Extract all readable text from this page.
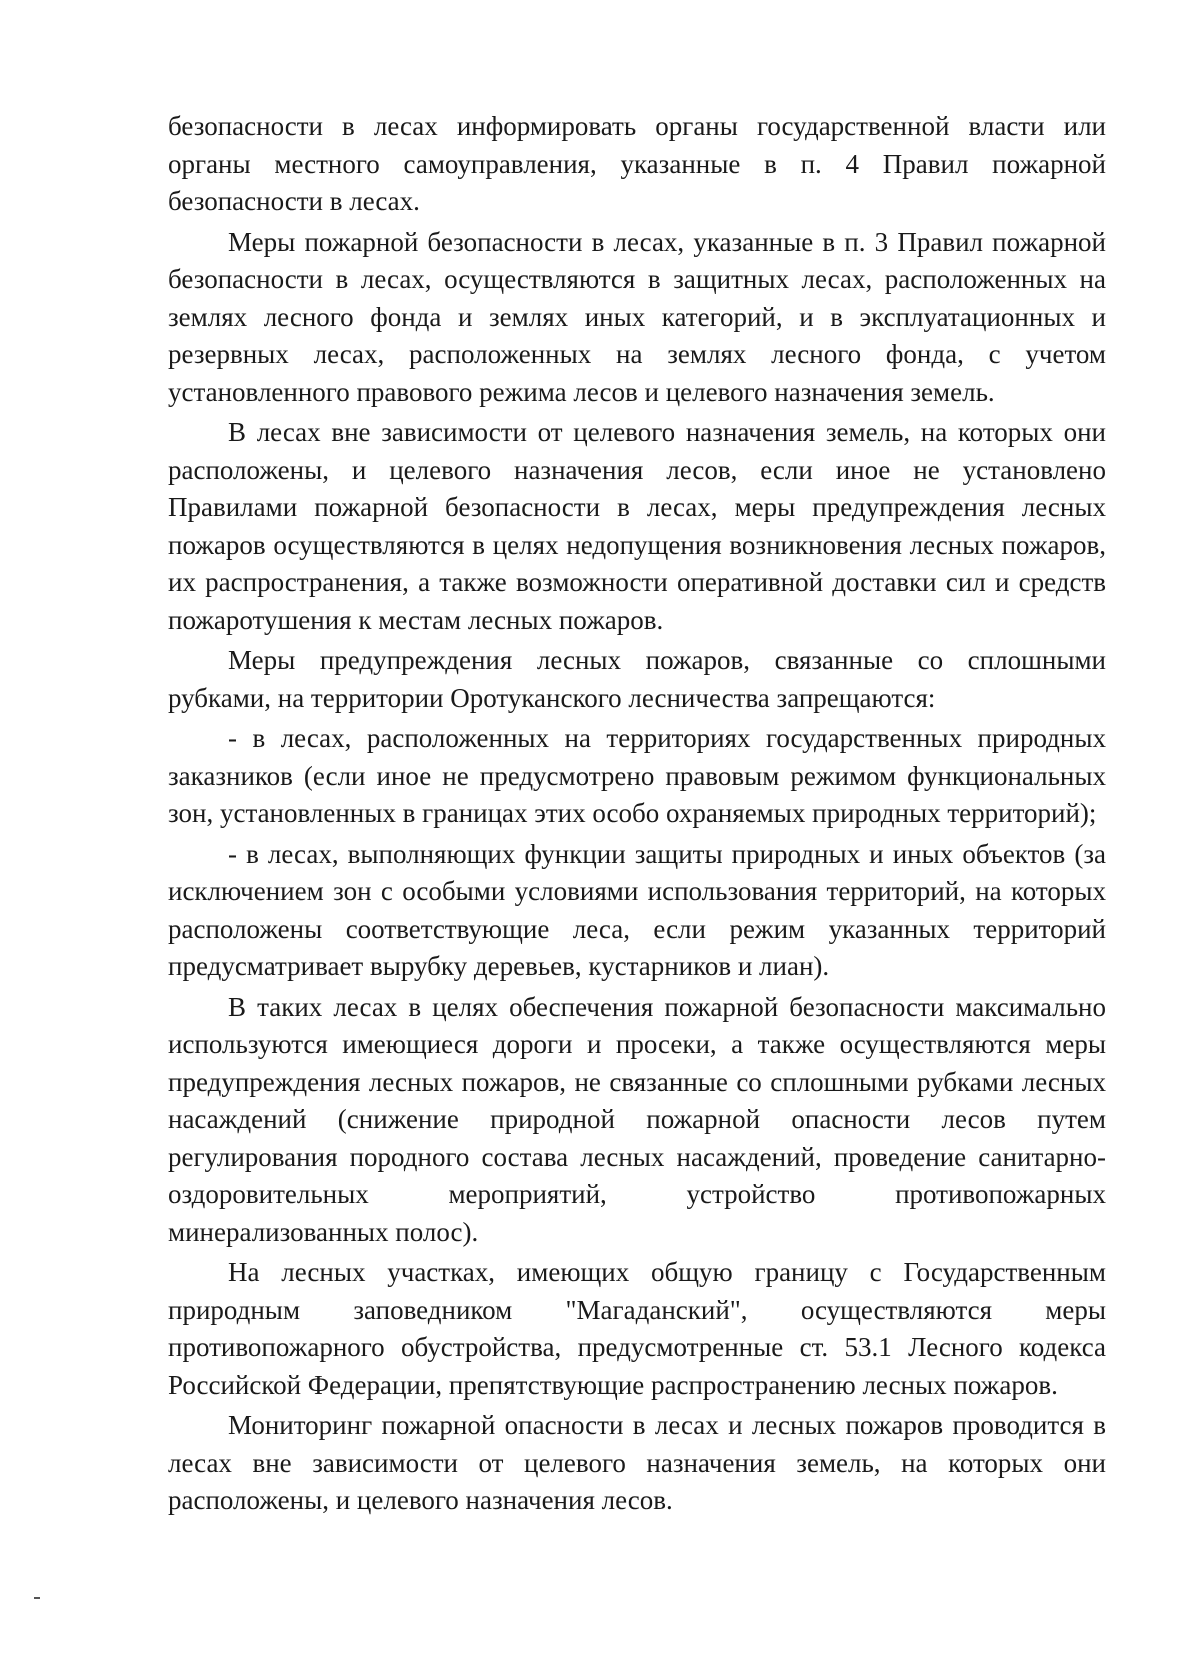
безопасности в лесах информировать органы государственной власти или органы местного самоуправления, указанные в п. 4 Правил пожарной безопасности в лесах.

Меры пожарной безопасности в лесах, указанные в п. 3 Правил пожарной безопасности в лесах, осуществляются в защитных лесах, расположенных на землях лесного фонда и землях иных категорий, и в эксплуатационных и резервных лесах, расположенных на землях лесного фонда, с учетом установленного правового режима лесов и целевого назначения земель.

В лесах вне зависимости от целевого назначения земель, на которых они расположены, и целевого назначения лесов, если иное не установлено Правилами пожарной безопасности в лесах, меры предупреждения лесных пожаров осуществляются в целях недопущения возникновения лесных пожаров, их распространения, а также возможности оперативной доставки сил и средств пожаротушения к местам лесных пожаров.

Меры предупреждения лесных пожаров, связанные со сплошными рубками, на территории Оротуканского лесничества запрещаются:

- в лесах, расположенных на территориях государственных природных заказников (если иное не предусмотрено правовым режимом функциональных зон, установленных в границах этих особо охраняемых природных территорий);

- в лесах, выполняющих функции защиты природных и иных объектов (за исключением зон с особыми условиями использования территорий, на которых расположены соответствующие леса, если режим указанных территорий предусматривает вырубку деревьев, кустарников и лиан).

В таких лесах в целях обеспечения пожарной безопасности максимально используются имеющиеся дороги и просеки, а также осуществляются меры предупреждения лесных пожаров, не связанные со сплошными рубками лесных насаждений (снижение природной пожарной опасности лесов путем регулирования породного состава лесных насаждений, проведение санитарно-оздоровительных мероприятий, устройство противопожарных минерализованных полос).

На лесных участках, имеющих общую границу с Государственным природным заповедником "Магаданский", осуществляются меры противопожарного обустройства, предусмотренные ст. 53.1 Лесного кодекса Российской Федерации, препятствующие распространению лесных пожаров.

Мониторинг пожарной опасности в лесах и лесных пожаров проводится в лесах вне зависимости от целевого назначения земель, на которых они расположены, и целевого назначения лесов.
